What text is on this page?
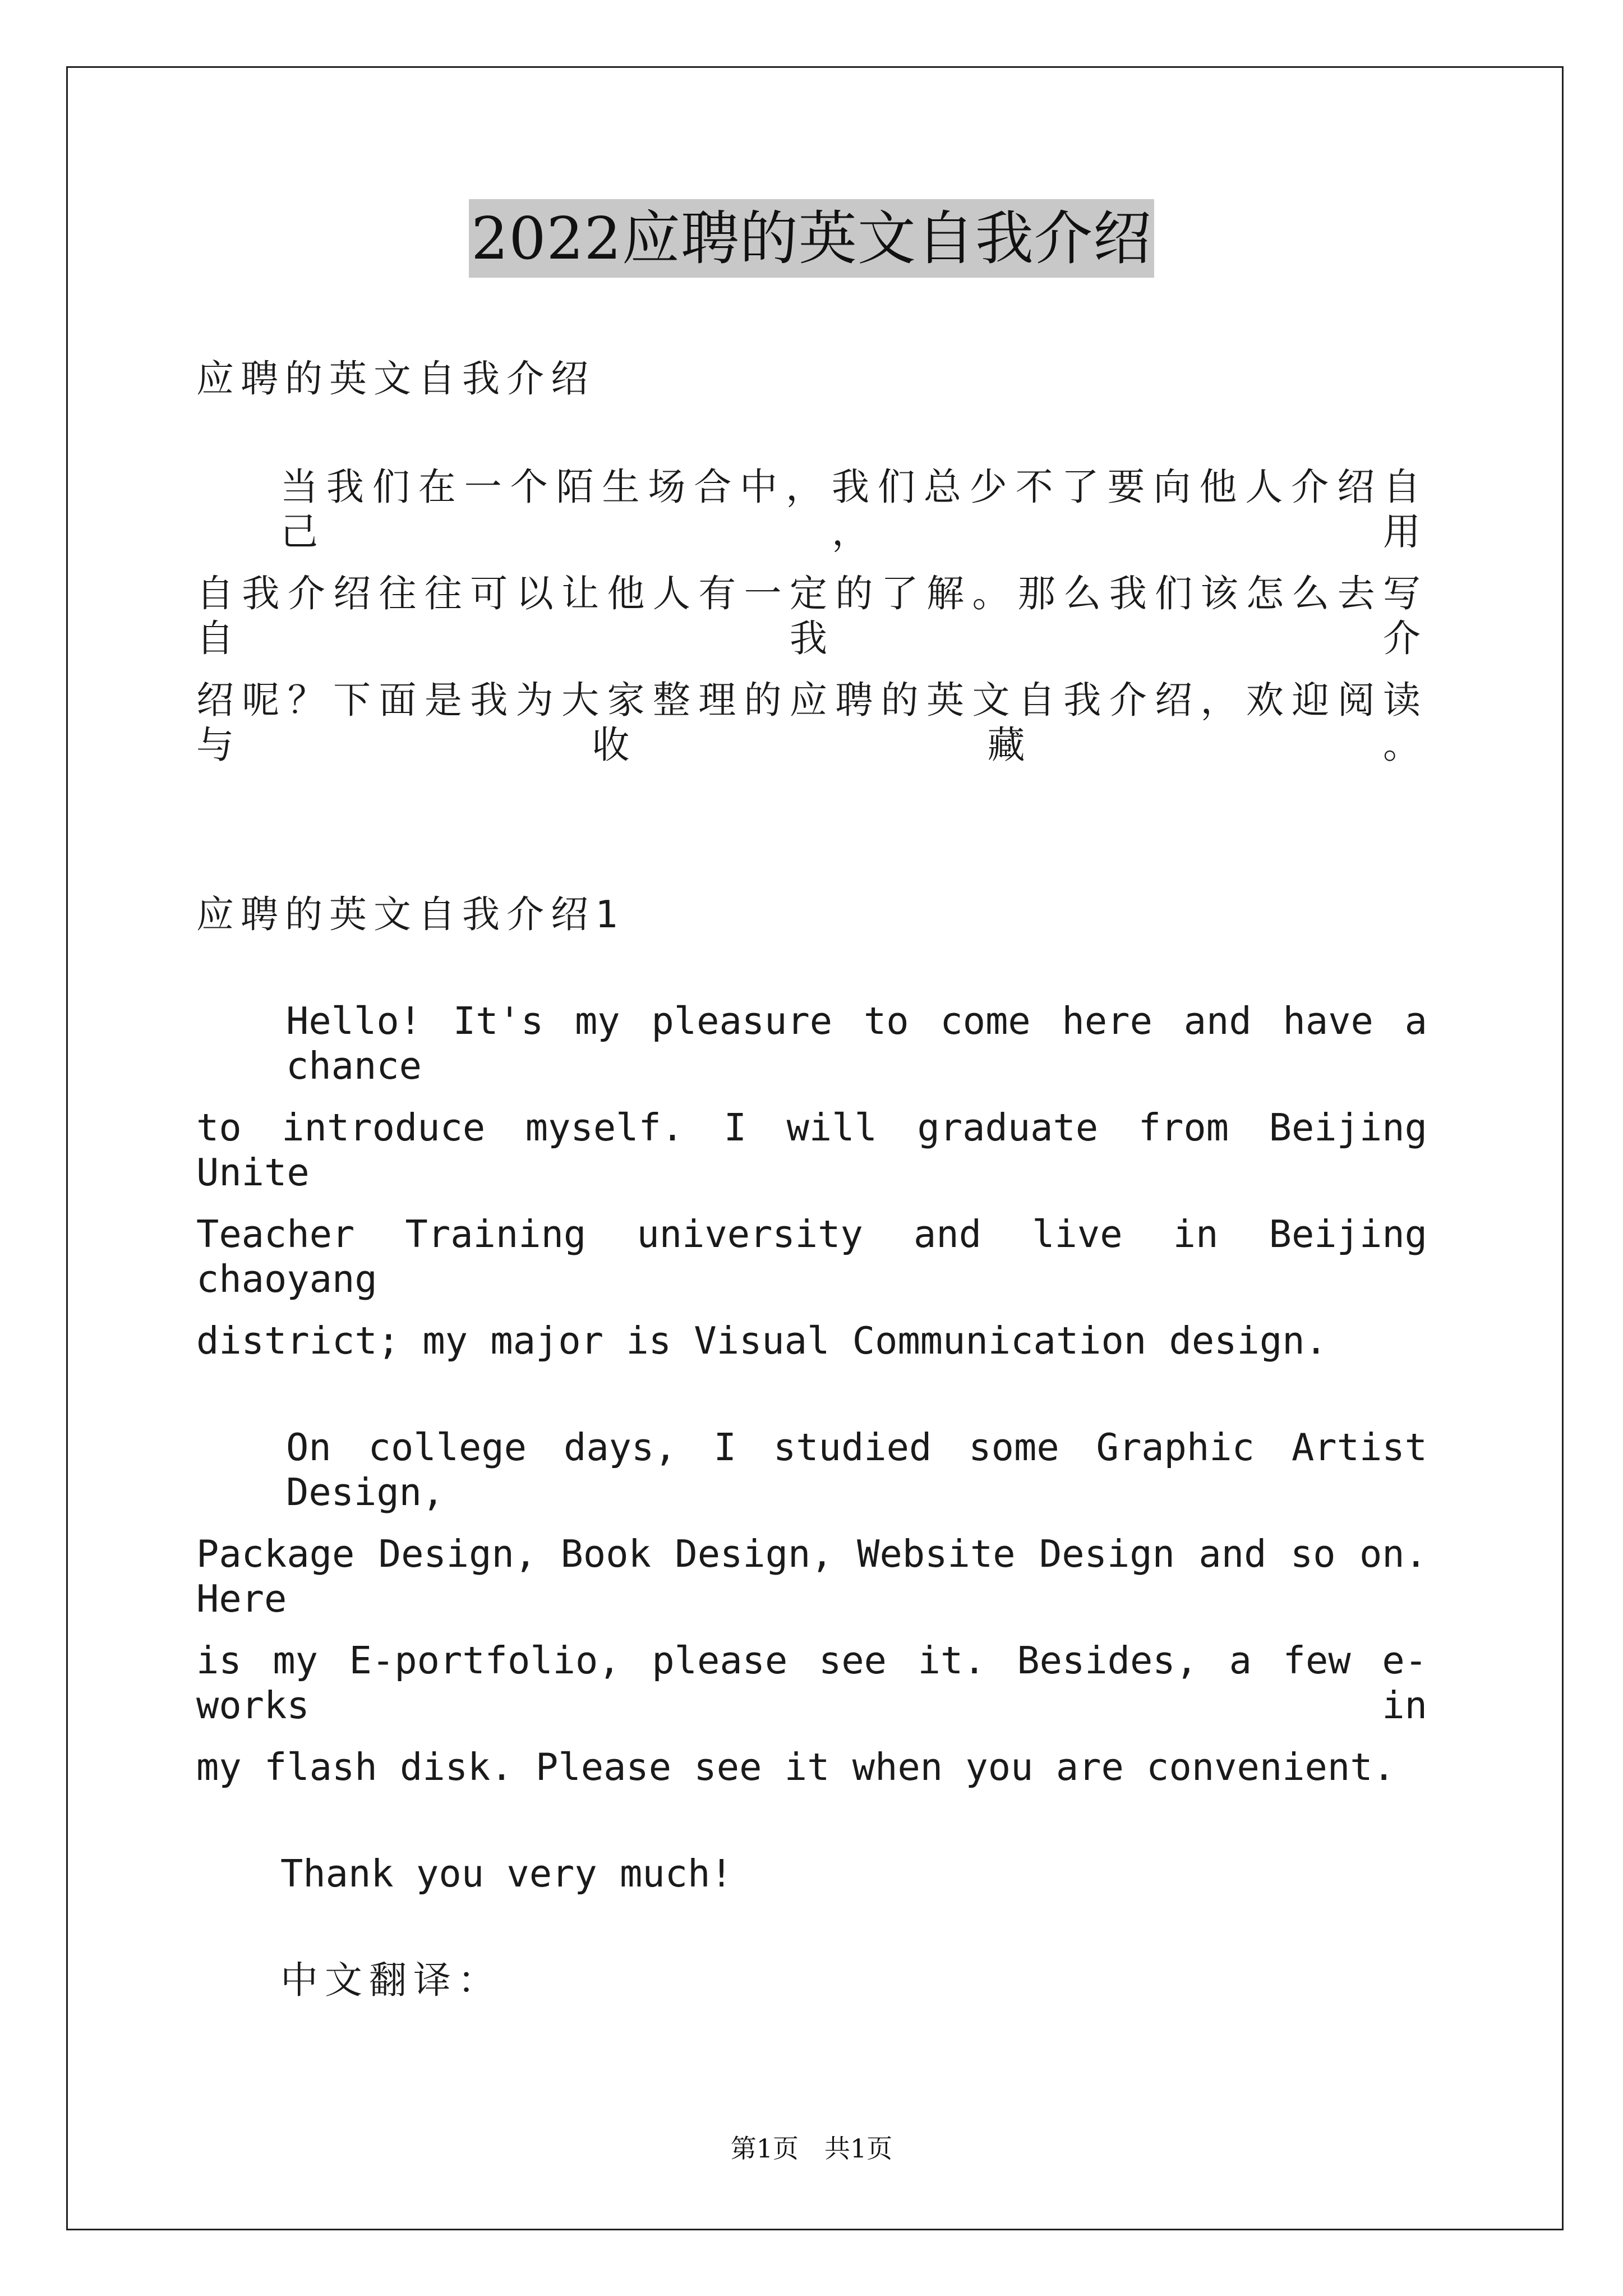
2022应聘的英文自我介绍
应聘的英文自我介绍
当我们在一个陌生场合中，我们总少不了要向他人介绍自己，用
自我介绍往往可以让他人有一定的了解。那么我们该怎么去写自我介
绍呢？下面是我为大家整理的应聘的英文自我介绍，欢迎阅读与收藏。
应聘的英文自我介绍1
Hello! It's my pleasure to come here and have a chance
to introduce myself. I will graduate from Beijing Unite
Teacher Training university and live in Beijing chaoyang
district; my major is Visual Communication design.
On college days, I studied some Graphic Artist Design,
Package Design, Book Design, Website Design and so on. Here
is my E-portfolio, please see it. Besides, a few e-works in
my flash disk. Please see it when you are convenient.
Thank you very much!
中文翻译：
第1页　共1页
